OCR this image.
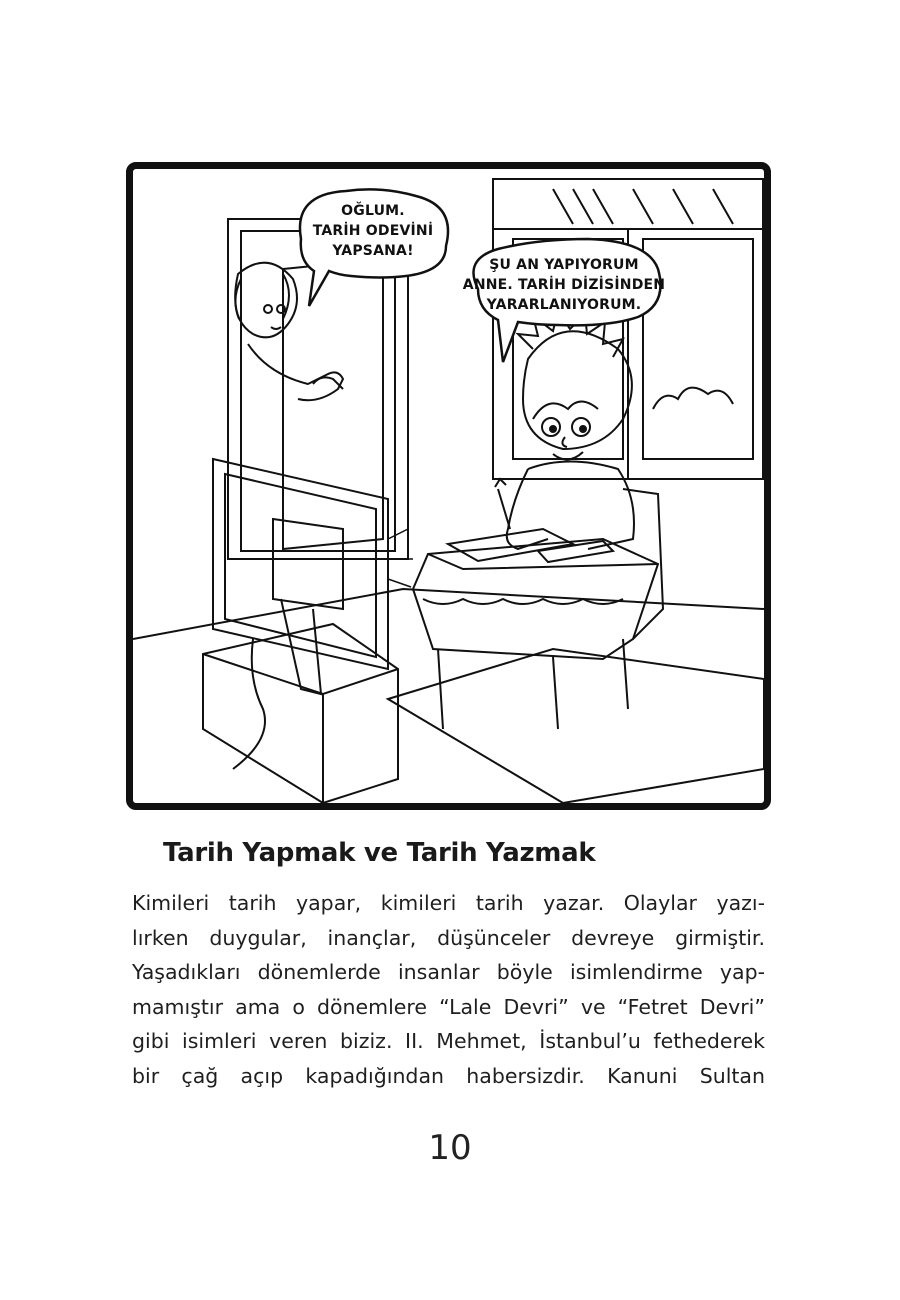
OĞLUM.
TARİH ODEVİNİ
YAPSANA!
ŞU AN YAPIYORUM
ANNE. TARİH DİZİSİNDEN
YARARLANIYORUM.
Tarih Yapmak ve Tarih Yazmak

Kimileri tarih yapar, kimileri tarih yazar. Olaylar yazı-
lırken duygular, inançlar, düşünceler devreye girmiştir.
Yaşadıkları dönemlerde insanlar böyle isimlendirme yap-
mamıştır ama o dönemlere “Lale Devri” ve “Fetret Devri”
gibi isimleri veren biziz. II. Mehmet, İstanbul’u fethederek
bir çağ açıp kapadığından habersizdir. Kanuni Sultan

10
